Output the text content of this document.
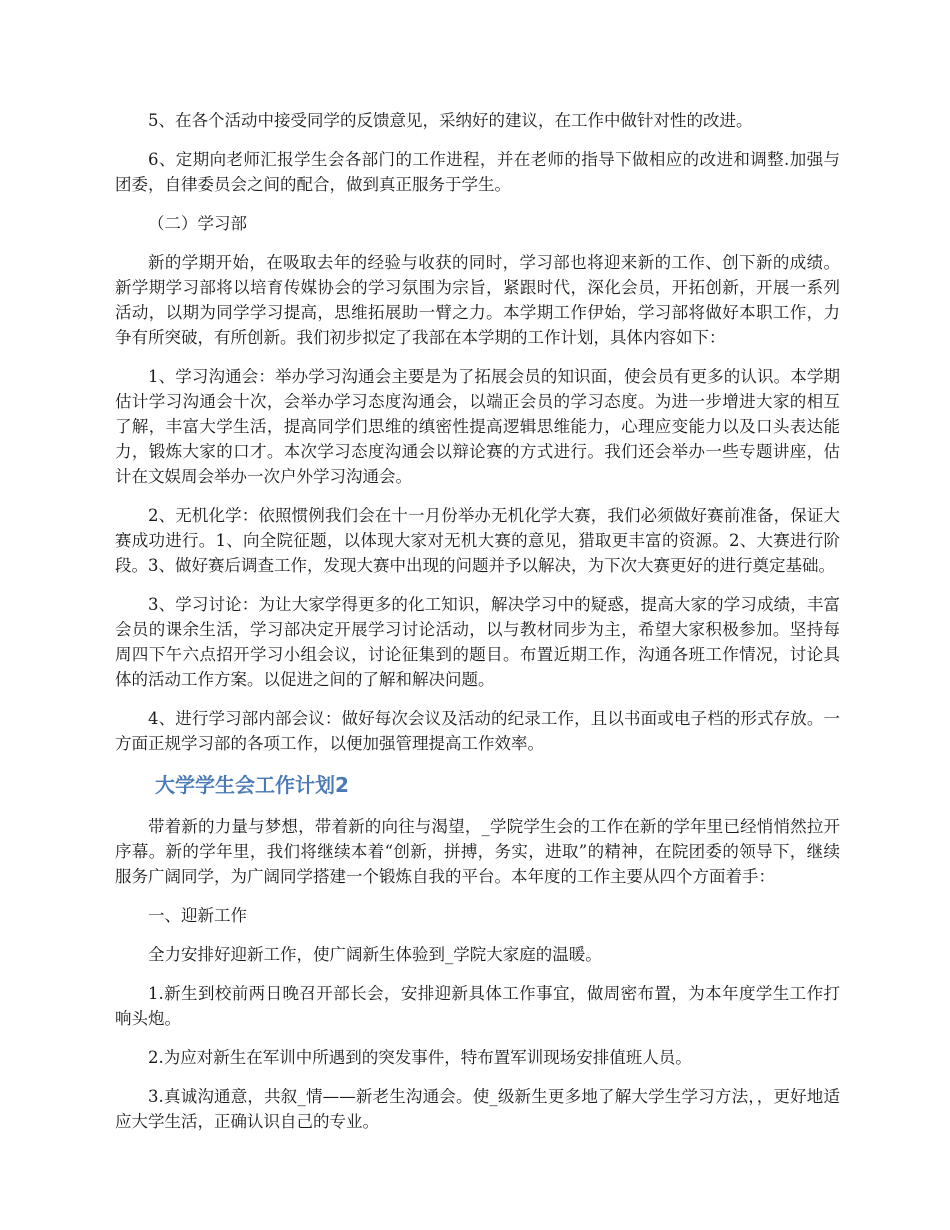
5、在各个活动中接受同学的反馈意见，采纳好的建议，在工作中做针对性的改进。

6、定期向老师汇报学生会各部门的工作进程，并在老师的指导下做相应的改进和调整.加强与团委，自律委员会之间的配合，做到真正服务于学生。

（二）学习部

新的学期开始，在吸取去年的经验与收获的同时，学习部也将迎来新的工作、创下新的成绩。新学期学习部将以培育传媒协会的学习氛围为宗旨，紧跟时代，深化会员，开拓创新，开展一系列活动，以期为同学学习提高，思维拓展助一臂之力。本学期工作伊始，学习部将做好本职工作，力争有所突破，有所创新。我们初步拟定了我部在本学期的工作计划，具体内容如下：

1、学习沟通会：举办学习沟通会主要是为了拓展会员的知识面，使会员有更多的认识。本学期估计学习沟通会十次，会举办学习态度沟通会，以端正会员的学习态度。为进一步增进大家的相互了解，丰富大学生活，提高同学们思维的缜密性提高逻辑思维能力，心理应变能力以及口头表达能力，锻炼大家的口才。本次学习态度沟通会以辩论赛的方式进行。我们还会举办一些专题讲座，估计在文娱周会举办一次户外学习沟通会。

2、无机化学：依照惯例我们会在十一月份举办无机化学大赛，我们必须做好赛前准备，保证大赛成功进行。1、向全院征题，以体现大家对无机大赛的意见，猎取更丰富的资源。2、大赛进行阶段。3、做好赛后调查工作，发现大赛中出现的问题并予以解决，为下次大赛更好的进行奠定基础。

3、学习讨论：为让大家学得更多的化工知识，解决学习中的疑惑，提高大家的学习成绩，丰富会员的课余生活，学习部决定开展学习讨论活动，以与教材同步为主，希望大家积极参加。坚持每周四下午六点招开学习小组会议，讨论征集到的题目。布置近期工作，沟通各班工作情况，讨论具体的活动工作方案。以促进之间的了解和解决问题。

4、进行学习部内部会议：做好每次会议及活动的纪录工作，且以书面或电子档的形式存放。一方面正规学习部的各项工作，以便加强管理提高工作效率。

大学学生会工作计划2

带着新的力量与梦想，带着新的向往与渴望，_学院学生会的工作在新的学年里已经悄悄然拉开序幕。新的学年里，我们将继续本着“创新，拼搏，务实，进取”的精神，在院团委的领导下，继续服务广阔同学，为广阔同学搭建一个锻炼自我的平台。本年度的工作主要从四个方面着手：

一、迎新工作

全力安排好迎新工作，使广阔新生体验到_学院大家庭的温暖。

1.新生到校前两日晚召开部长会，安排迎新具体工作事宜，做周密布置，为本年度学生工作打响头炮。

2.为应对新生在军训中所遇到的突发事件，特布置军训现场安排值班人员。

3.真诚沟通意，共叙_情——新老生沟通会。使_级新生更多地了解大学生学习方法，，更好地适应大学生活，正确认识自己的专业。
